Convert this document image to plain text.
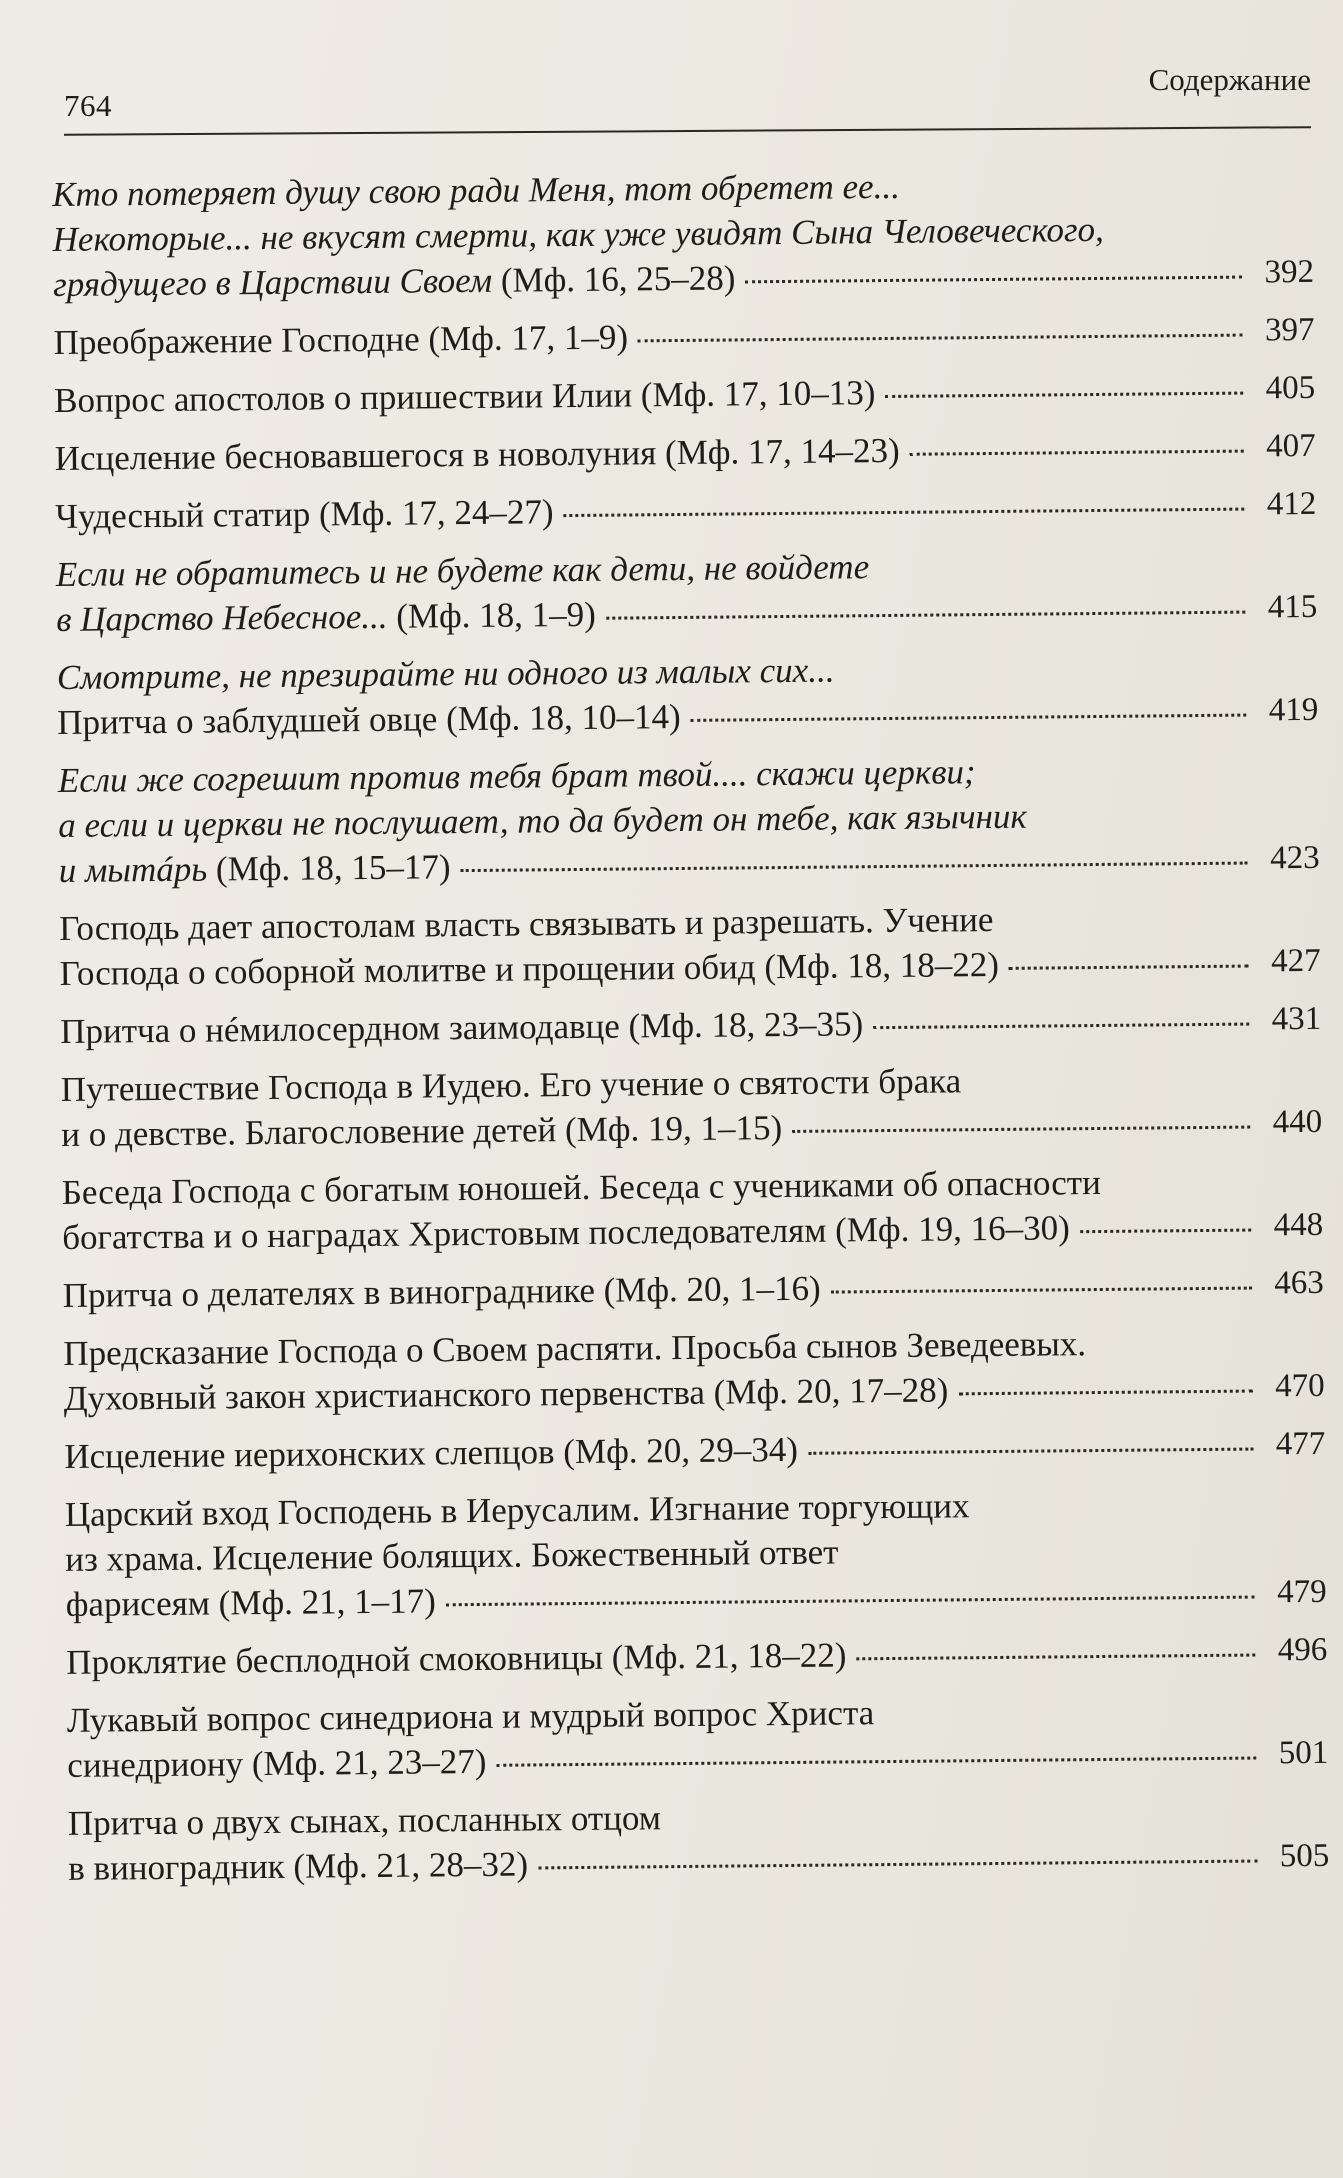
764
Содержание
Кто потеряет душу свою ради Меня, тот обретет ее...
Некоторые... не вкусят смерти, как уже увидят Сына Человеческого,
грядущего в Царствии Своем (Мф. 16, 25–28)	392
Преображение Господне (Мф. 17, 1–9)	397
Вопрос апостолов о пришествии Илии (Мф. 17, 10–13)	405
Исцеление бесновавшегося в новолуния (Мф. 17, 14–23)	407
Чудесный статир (Мф. 17, 24–27)	412
Если не обратитесь и не будете как дети, не войдете
в Царство Небесное... (Мф. 18, 1–9)	415
Смотрите, не презирайте ни одного из малых сих...
Притча о заблудшей овце (Мф. 18, 10–14)	419
Если же согрешит против тебя брат твой.... скажи церкви;
а если и церкви не послушает, то да будет он тебе, как язычник
и мытáрь (Мф. 18, 15–17)	423
Господь дает апостолам власть связывать и разрешать. Учение
Господа о соборной молитве и прощении обид (Мф. 18, 18–22)	427
Притча о нéмилосердном заимодавце (Мф. 18, 23–35)	431
Путешествие Господа в Иудею. Его учение о святости брака
и о девстве. Благословение детей (Мф. 19, 1–15)	440
Беседа Господа с богатым юношей. Беседа с учениками об опасности
богатства и о наградах Христовым последователям (Мф. 19, 16–30)	448
Притча о делателях в винограднике (Мф. 20, 1–16)	463
Предсказание Господа о Своем распяти. Просьба сынов Зеведеевых.
Духовный закон христианского первенства (Мф. 20, 17–28)	470
Исцеление иерихонских слепцов (Мф. 20, 29–34)	477
Царский вход Господень в Иерусалим. Изгнание торгующих
из храма. Исцеление болящих. Божественный ответ
фарисеям (Мф. 21, 1–17)	479
Проклятие бесплодной смоковницы (Мф. 21, 18–22)	496
Лукавый вопрос синедриона и мудрый вопрос Христа
синедриону (Мф. 21, 23–27)	501
Притча о двух сынах, посланных отцом
в виноградник (Мф. 21, 28–32)	505
